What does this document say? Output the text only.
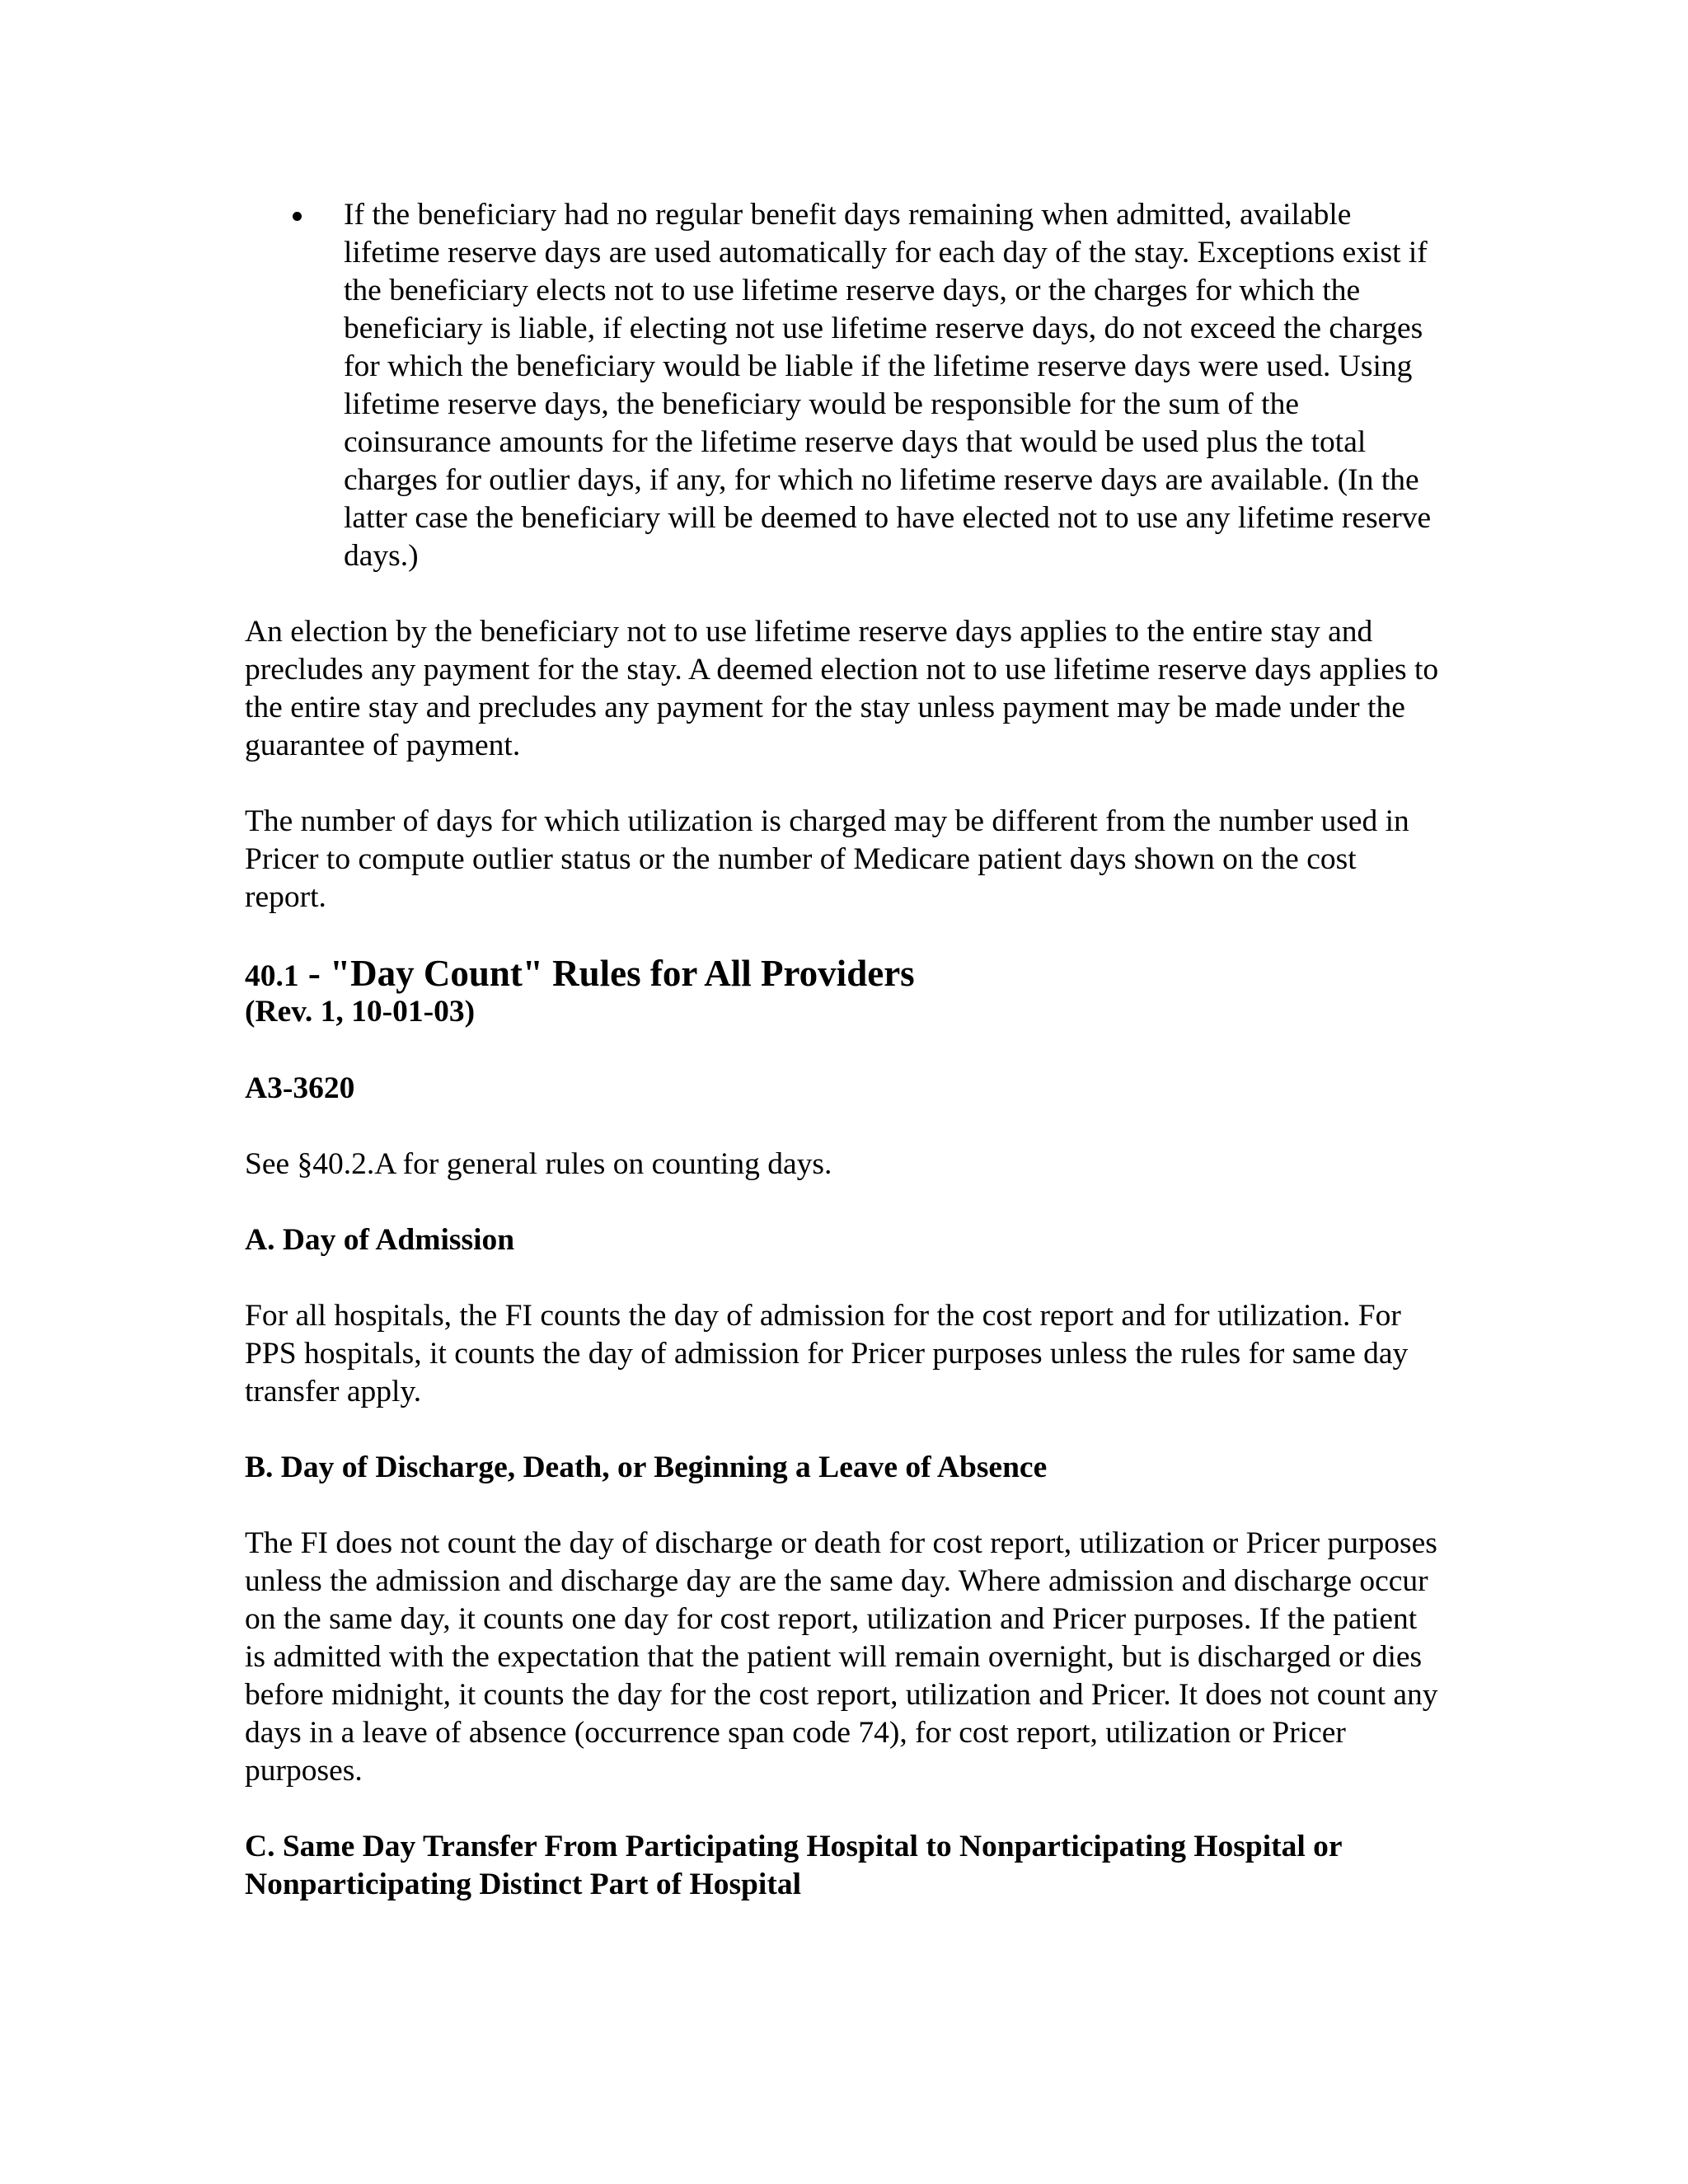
If the beneficiary had no regular benefit days remaining when admitted, available lifetime reserve days are used automatically for each day of the stay. Exceptions exist if the beneficiary elects not to use lifetime reserve days, or the charges for which the beneficiary is liable, if electing not use lifetime reserve days, do not exceed the charges for which the beneficiary would be liable if the lifetime reserve days were used. Using lifetime reserve days, the beneficiary would be responsible for the sum of the coinsurance amounts for the lifetime reserve days that would be used plus the total charges for outlier days, if any, for which no lifetime reserve days are available. (In the latter case the beneficiary will be deemed to have elected not to use any lifetime reserve days.)

An election by the beneficiary not to use lifetime reserve days applies to the entire stay and precludes any payment for the stay. A deemed election not to use lifetime reserve days applies to the entire stay and precludes any payment for the stay unless payment may be made under the guarantee of payment.

The number of days for which utilization is charged may be different from the number used in Pricer to compute outlier status or the number of Medicare patient days shown on the cost report.

40.1 - "Day Count" Rules for All Providers

(Rev. 1, 10-01-03)

A3-3620

See §40.2.A for general rules on counting days.

A. Day of Admission

For all hospitals, the FI counts the day of admission for the cost report and for utilization. For PPS hospitals, it counts the day of admission for Pricer purposes unless the rules for same day transfer apply.

B. Day of Discharge, Death, or Beginning a Leave of Absence

The FI does not count the day of discharge or death for cost report, utilization or Pricer purposes unless the admission and discharge day are the same day. Where admission and discharge occur on the same day, it counts one day for cost report, utilization and Pricer purposes. If the patient is admitted with the expectation that the patient will remain overnight, but is discharged or dies before midnight, it counts the day for the cost report, utilization and Pricer. It does not count any days in a leave of absence (occurrence span code 74), for cost report, utilization or Pricer purposes.

C. Same Day Transfer From Participating Hospital to Nonparticipating Hospital or Nonparticipating Distinct Part of Hospital
